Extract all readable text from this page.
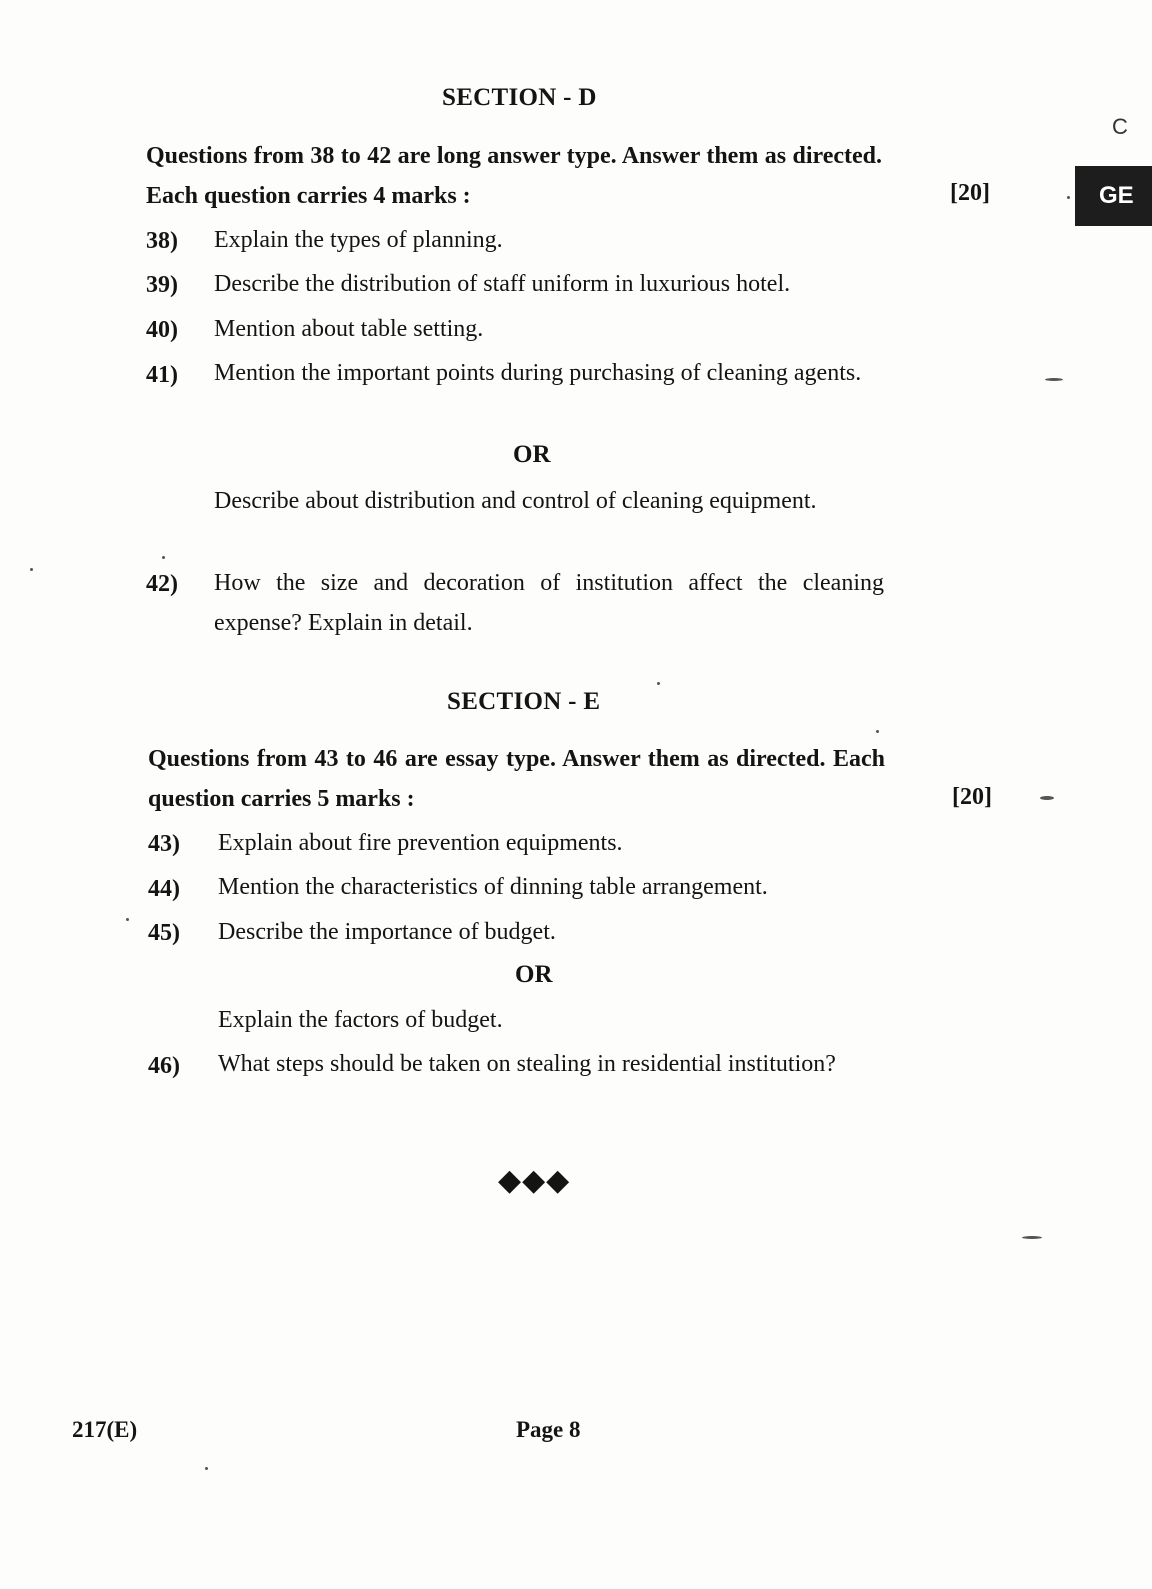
C
GE
SECTION - D
Questions from 38 to 42 are long answer type. Answer them as directed. Each question carries 4 marks :	[20]
38) Explain the types of planning.
39) Describe the distribution of staff uniform in luxurious hotel.
40) Mention about table setting.
41) Mention the important points during purchasing of cleaning agents.
OR
Describe about distribution and control of cleaning equipment.
42) How the size and decoration of institution affect the cleaning expense? Explain in detail.
SECTION - E
Questions from 43 to 46 are essay type. Answer them as directed. Each question carries 5 marks :	[20]
43) Explain about fire prevention equipments.
44) Mention the characteristics of dinning table arrangement.
45) Describe the importance of budget.
OR
Explain the factors of budget.
46) What steps should be taken on stealing in residential institution?
◆◆◆
217(E)	Page 8
